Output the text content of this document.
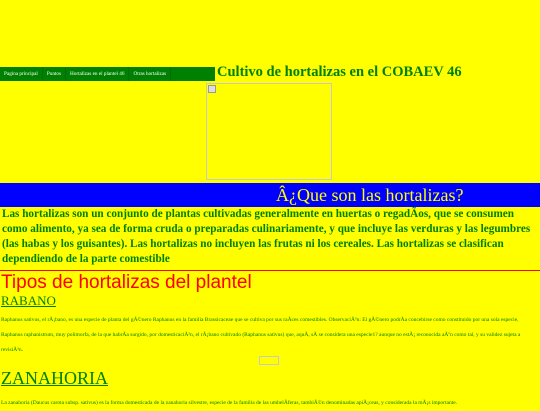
Pagina principal	Puntos	Hortalizas en el plantel 46	Otras hortalizas	Cultivo de hortalizas en el COBAEV 46
Â¿Que son las hortalizas?
Las hortalizas son un conjunto de plantas cultivadas generalmente en huertas o regadÃos, que se consumen como alimento, ya sea de forma cruda o preparadas culinariamente, y que incluye las verduras y las legumbres (las habas y los guisantes). Las hortalizas no incluyen las frutas ni los cereales. Las hortalizas se clasifican dependiendo de la parte comestible
Tipos de hortalizas del plantel
RABANO
Raphanus sativus, el rÃ¡bano, es una especie de planta del gÃ©nero Raphanus en la familia Brassicaceae que se cultiva por sus raÃces comestibles. ObservaciÃ³n: El gÃ©nero podrÃa concebirse como constituido por una sola especie, Raphanus raphanistrum, muy polimorfa, de la que habrÃa surgido, por domesticaciÃ³n, el rÃ¡bano cultivado (Raphanus sativus) que, aquÃ, sÃ se considera una especie1? aunque no estÃ¡ reconocida aÃºn como tal, y su validez sujeta a revisiÃ³n.
ZANAHORIA
La zanahoria (Daucus carota subsp. sativus) es la forma domesticada de la zanahoria silvestre, especie de la familia de las umbelÃferas, tambiÃ©n denominadas apiÃ¡ceas, y considerada la mÃ¡s importante.
